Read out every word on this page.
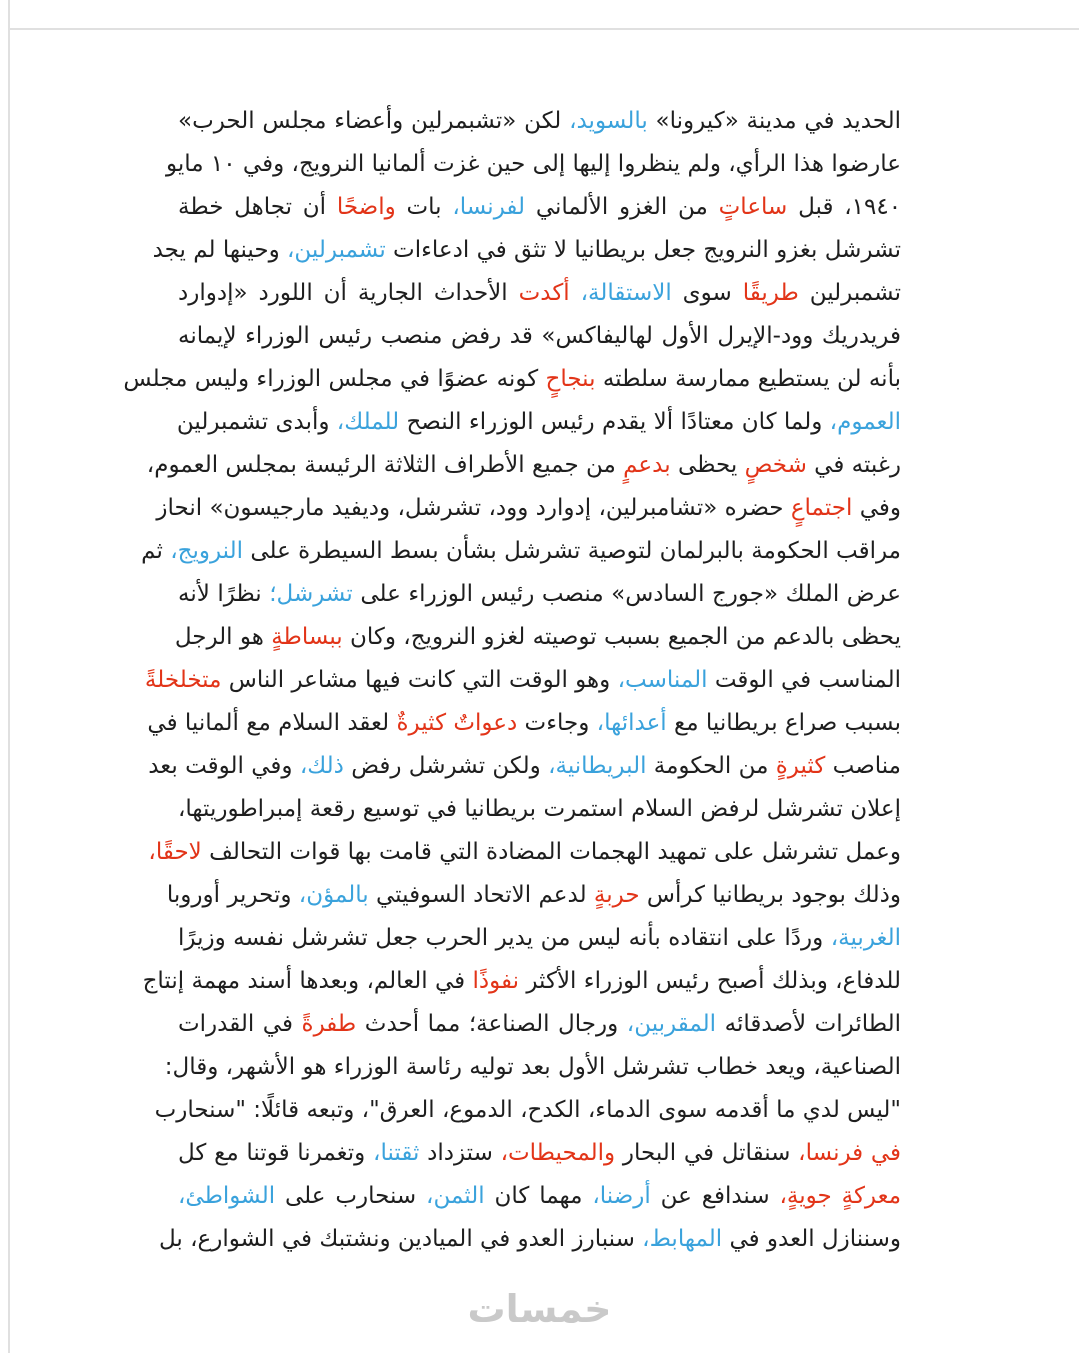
الحديد في مدينة «كيرونا» بالسويد، لكن «تشبمرلين وأعضاء مجلس الحرب»
عارضوا هذا الرأي، ولم ينظروا إليها إلى حين غزت ألمانيا النرويج، وفي ١٠ مايو
١٩٤٠، قبل ساعاتٍ من الغزو الألماني لفرنسا، بات واضحًا أن تجاهل خطة
تشرشل بغزو النرويج جعل بريطانيا لا تثق في ادعاءات تشمبرلين، وحينها لم يجد
تشمبرلين طريقًا سوى الاستقالة، أكدت الأحداث الجارية أن اللورد «إدوارد
فريدريك وود-الإيرل الأول لهاليفاكس» قد رفض منصب رئيس الوزراء لإيمانه
بأنه لن يستطيع ممارسة سلطته بنجاحٍ كونه عضوًا في مجلس الوزراء وليس مجلس
العموم، ولما كان معتادًا ألا يقدم رئيس الوزراء النصح للملك، وأبدى تشمبرلين
رغبته في شخصٍ يحظى بدعمٍ من جميع الأطراف الثلاثة الرئيسة بمجلس العموم،
وفي اجتماعٍ حضره «تشامبرلين، إدوارد وود، تشرشل، وديفيد مارجيسون» انحاز
مراقب الحكومة بالبرلمان لتوصية تشرشل بشأن بسط السيطرة على النرويج، ثم
عرض الملك «جورج السادس» منصب رئيس الوزراء على تشرشل؛ نظرًا لأنه
يحظى بالدعم من الجميع بسبب توصيته لغزو النرويج، وكان ببساطةٍ هو الرجل
المناسب في الوقت المناسب، وهو الوقت التي كانت فيها مشاعر الناس متخلخلةً
بسبب صراع بريطانيا مع أعدائها، وجاءت دعواتٌ كثيرةٌ لعقد السلام مع ألمانيا في
مناصب كثيرةٍ من الحكومة البريطانية، ولكن تشرشل رفض ذلك، وفي الوقت بعد
إعلان تشرشل لرفض السلام استمرت بريطانيا في توسيع رقعة إمبراطوريتها،
وعمل تشرشل على تمهيد الهجمات المضادة التي قامت بها قوات التحالف لاحقًا،
وذلك بوجود بريطانيا كرأس حربةٍ لدعم الاتحاد السوفيتي بالمؤن، وتحرير أوروبا
الغربية، وردًا على انتقاده بأنه ليس من يدير الحرب جعل تشرشل نفسه وزيرًا
للدفاع، وبذلك أصبح رئيس الوزراء الأكثر نفوذًا في العالم، وبعدها أسند مهمة إنتاج
الطائرات لأصدقائه المقربين، ورجال الصناعة؛ مما أحدث طفرةً في القدرات
الصناعية، ويعد خطاب تشرشل الأول بعد توليه رئاسة الوزراء هو الأشهر، وقال:
"ليس لدي ما أقدمه سوى الدماء، الكدح، الدموع، العرق"، وتبعه قائلًا: "سنحارب
في فرنسا، سنقاتل في البحار والمحيطات، ستزداد ثقتنا، وتغمرنا قوتنا مع كل
معركةٍ جويةٍ، سندافع عن أرضنا، مهما كان الثمن، سنحارب على الشواطئ،
وسننازل العدو في المهابط، سنبارز العدو في الميادين ونشتبك في الشوارع، بل
خمسات
